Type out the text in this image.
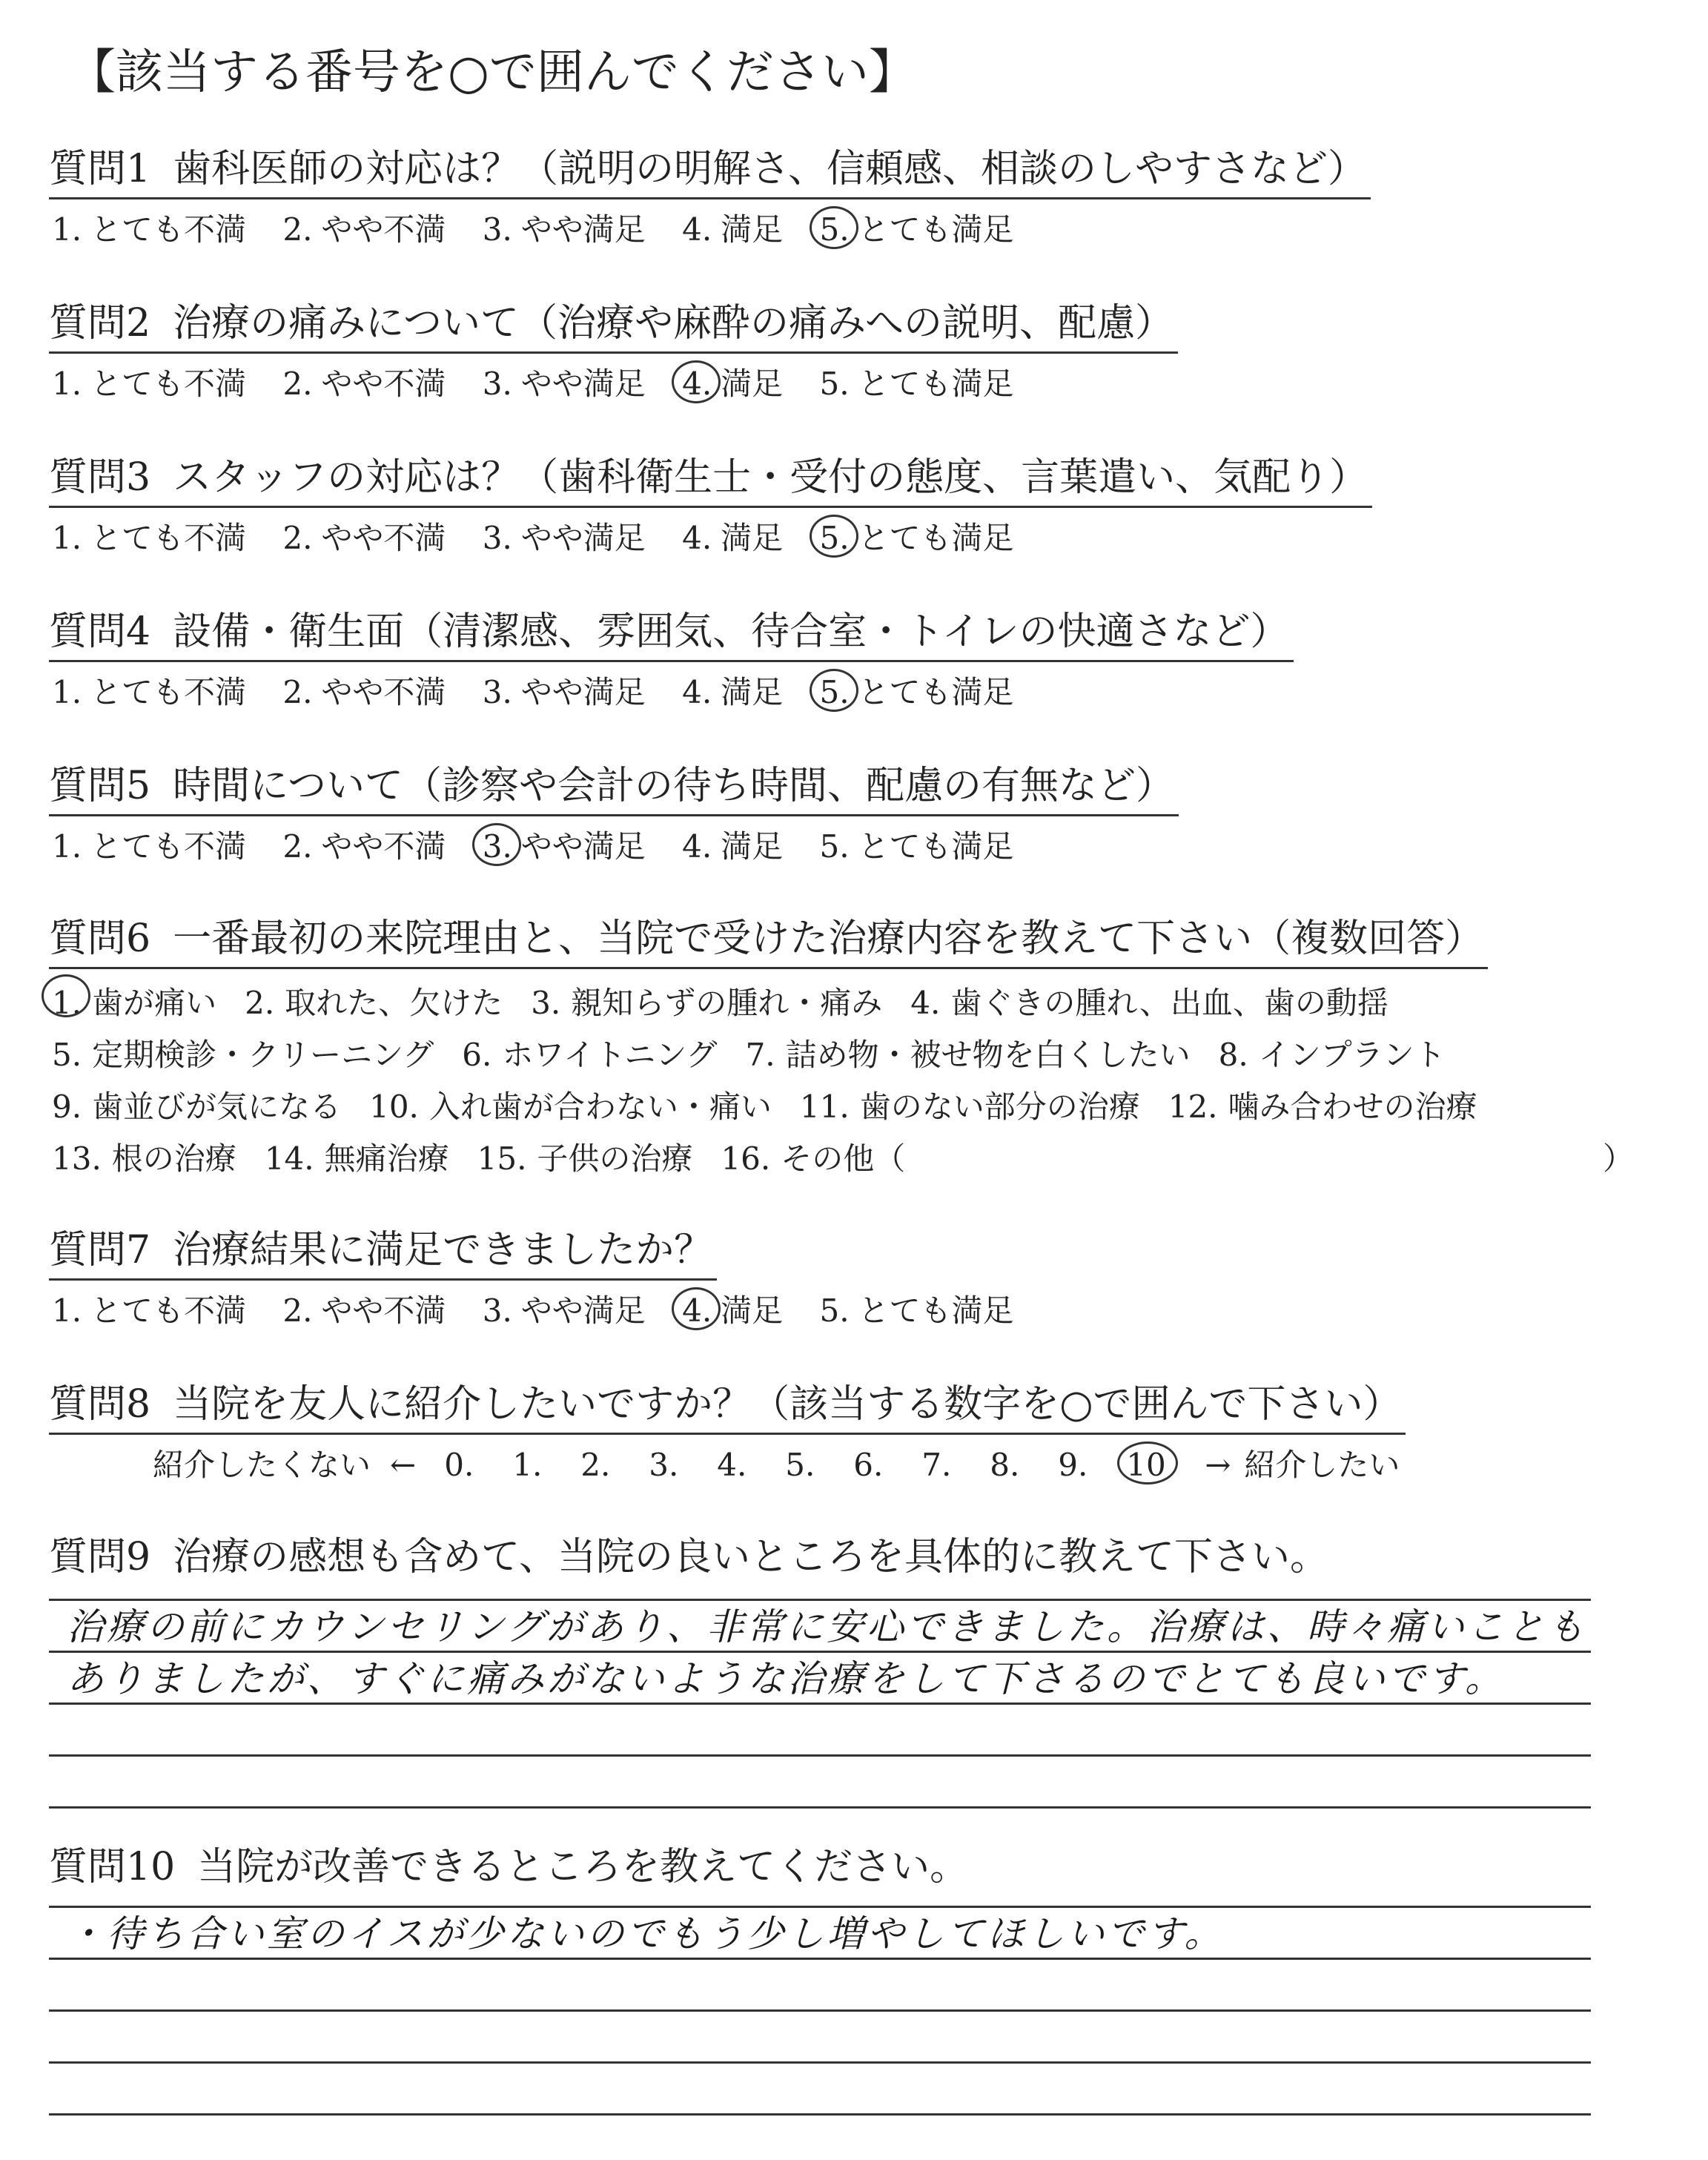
【該当する番号を○で囲んでください】
質問1 歯科医師の対応は？（説明の明解さ、信頼感、相談のしやすさなど）
1. とても不満 2. やや不満 3. やや満足 4. 満足 5. とても満足
質問2 治療の痛みについて（治療や麻酔の痛みへの説明、配慮）
1. とても不満 2. やや不満 3. やや満足 4. 満足 5. とても満足
質問3 スタッフの対応は？（歯科衛生士・受付の態度、言葉遣い、気配り）
1. とても不満 2. やや不満 3. やや満足 4. 満足 5. とても満足
質問4 設備・衛生面（清潔感、雰囲気、待合室・トイレの快適さなど）
1. とても不満 2. やや不満 3. やや満足 4. 満足 5. とても満足
質問5 時間について（診察や会計の待ち時間、配慮の有無など）
1. とても不満 2. やや不満 3. やや満足 4. 満足 5. とても満足
質問6 一番最初の来院理由と、当院で受けた治療内容を教えて下さい（複数回答）
1. 歯が痛い 2. 取れた、欠けた 3. 親知らずの腫れ・痛み 4. 歯ぐきの腫れ、出血、歯の動揺
5. 定期検診・クリーニング 6. ホワイトニング 7. 詰め物・被せ物を白くしたい 8. インプラント
9. 歯並びが気になる 10. 入れ歯が合わない・痛い 11. 歯のない部分の治療 12. 噛み合わせの治療
13. 根の治療 14. 無痛治療 15. 子供の治療 16. その他（	）
質問7 治療結果に満足できましたか？
1. とても不満 2. やや不満 3. やや満足 4. 満足 5. とても満足
質問8 当院を友人に紹介したいですか？（該当する数字を○で囲んで下さい）
紹介したくない ← 0. 1. 2. 3. 4. 5. 6. 7. 8. 9. 10 → 紹介したい
質問9 治療の感想も含めて、当院の良いところを具体的に教えて下さい。
治療の前にカウンセリングがあり、非常に安心できました。治療は、時々痛いことも
ありましたが、すぐに痛みがないような治療をして下さるのでとても良いです。
質問10 当院が改善できるところを教えてください。
・待ち合い室のイスが少ないのでもう少し増やしてほしいです。
